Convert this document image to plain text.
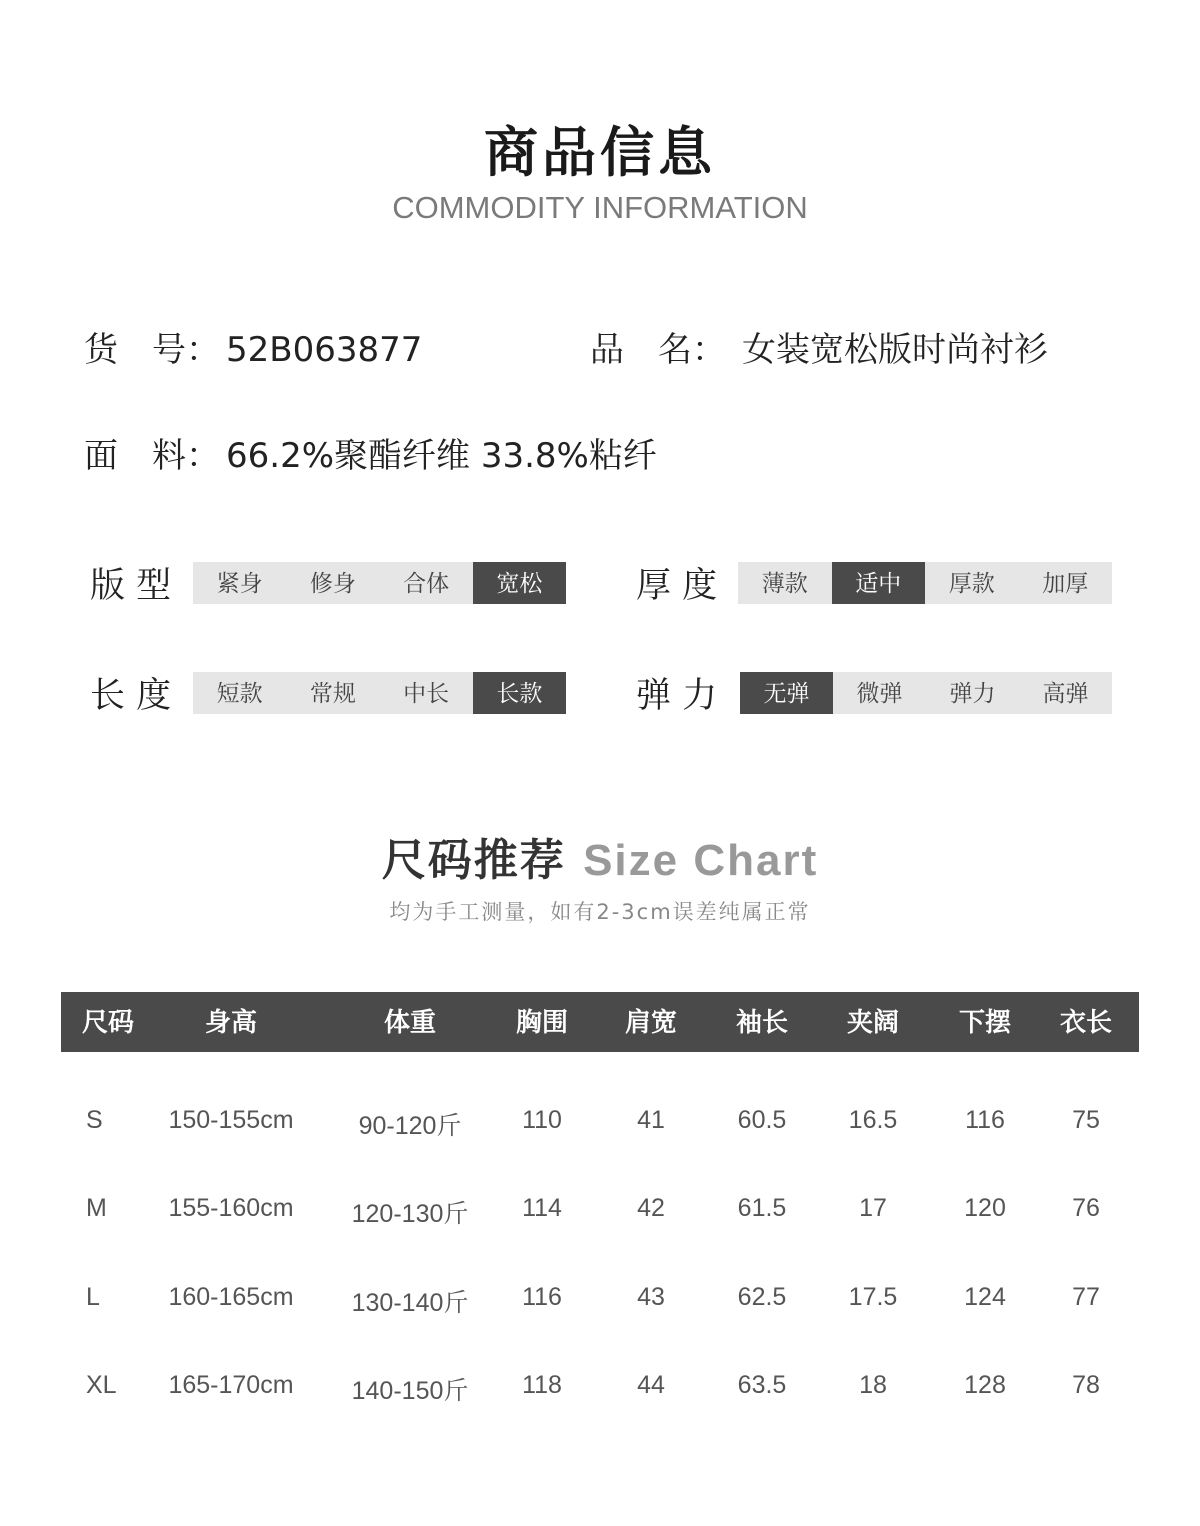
商品信息
COMMODITY INFORMATION
货　号： 52B063877	品　名： 女装宽松版时尚衬衫
面　料： 66.2%聚酯纤维 33.8%粘纤
版 型	紧身	修身	合体	宽松	厚 度	薄款	适中	厚款	加厚
长 度	短款	常规	中长	长款	弹 力	无弹	微弹	弹力	高弹
尺码推荐 Size Chart
均为手工测量，如有2-3cm误差纯属正常
尺码	身高	体重	胸围 肩宽 袖长 夹阔 下摆 衣长
S	150-155cm	90-120斤 110	41	60.5 16.5	116	75
M 155-160cm 120-130斤 114	42	61.5	17	120	76
L	160-165cm 130-140斤 116	43	62.5 17.5	124	77
XL 165-170cm 140-150斤 118	44	63.5	18	128	78
